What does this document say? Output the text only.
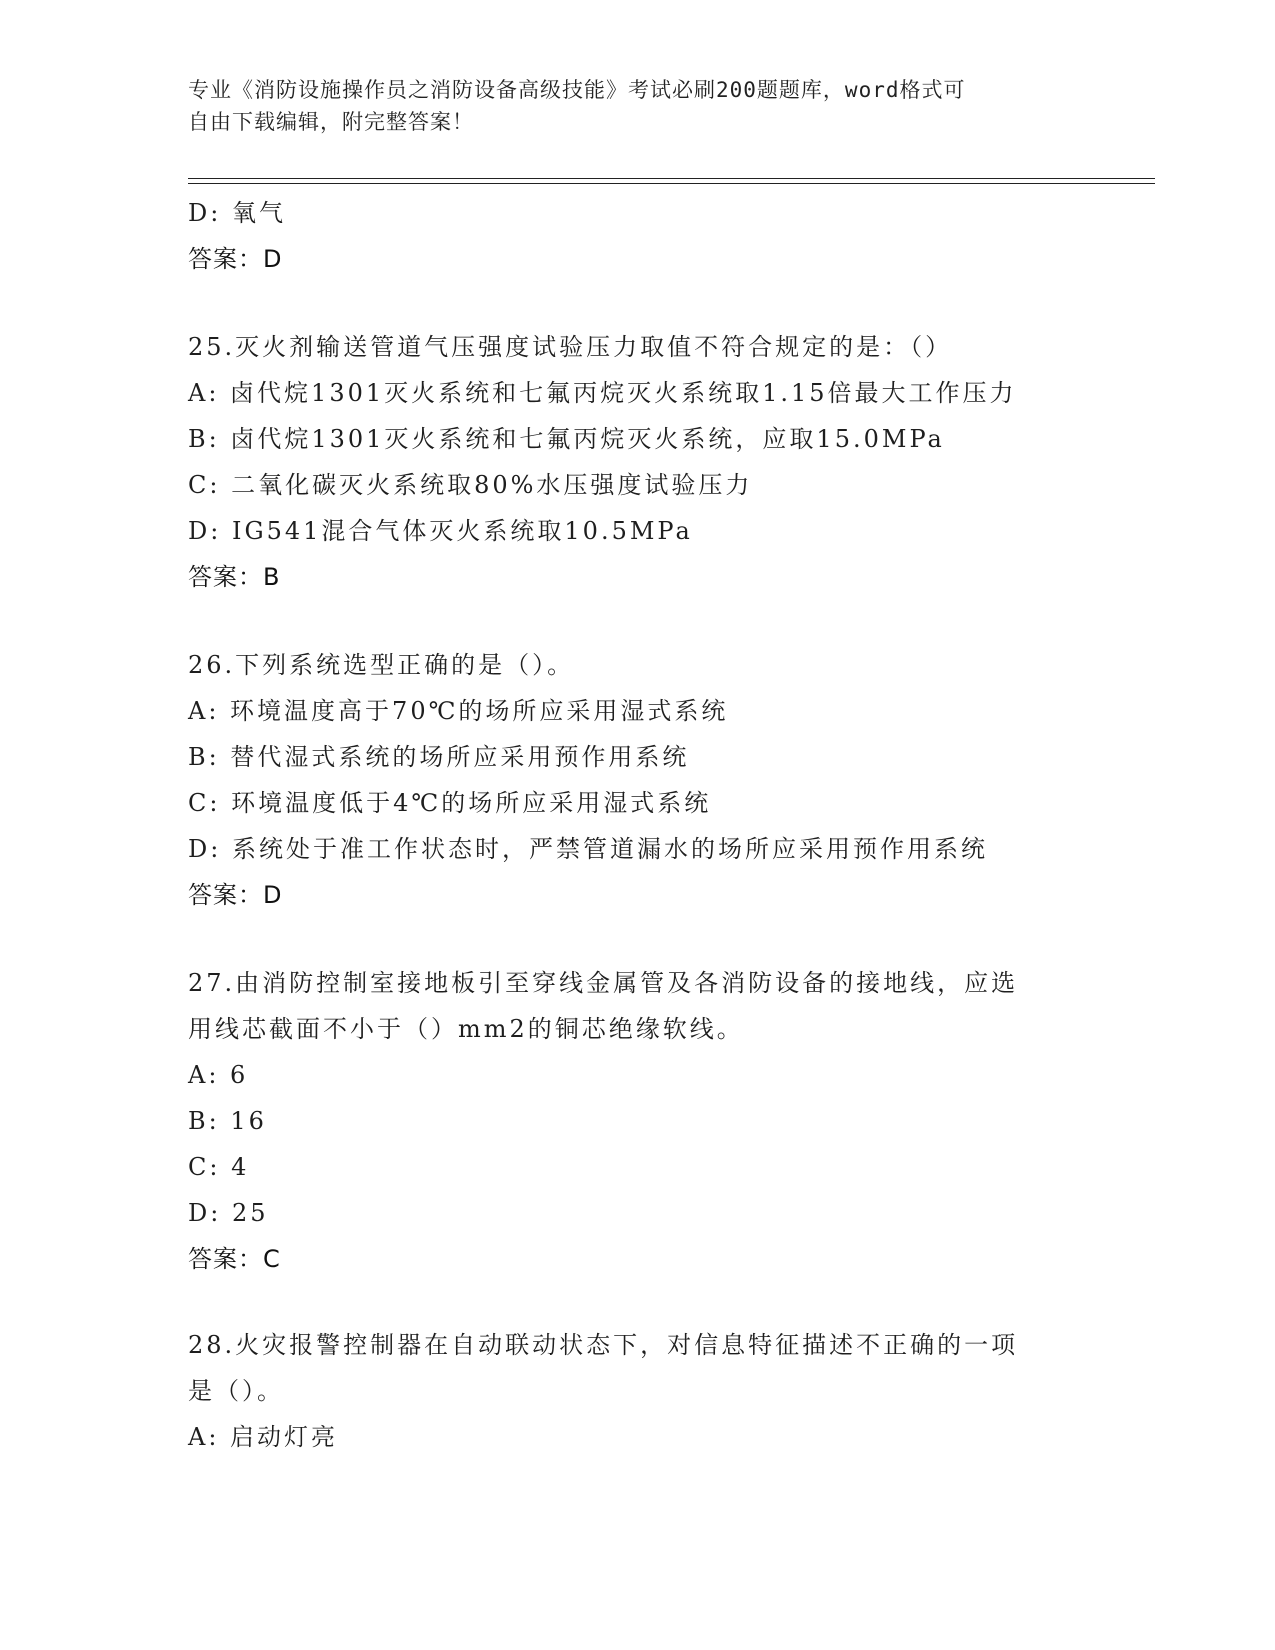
专业《消防设施操作员之消防设备高级技能》考试必刷200题题库，word格式可
自由下载编辑，附完整答案！
D: 氧气
答案：D
25.灭火剂输送管道气压强度试验压力取值不符合规定的是：（）
A: 卤代烷1301灭火系统和七氟丙烷灭火系统取1.15倍最大工作压力
B: 卤代烷1301灭火系统和七氟丙烷灭火系统，应取15.0MPa
C: 二氧化碳灭火系统取80%水压强度试验压力
D: IG541混合气体灭火系统取10.5MPa
答案：B
26.下列系统选型正确的是（）。
A: 环境温度高于70℃的场所应采用湿式系统
B: 替代湿式系统的场所应采用预作用系统
C: 环境温度低于4℃的场所应采用湿式系统
D: 系统处于准工作状态时，严禁管道漏水的场所应采用预作用系统
答案：D
27.由消防控制室接地板引至穿线金属管及各消防设备的接地线，应选
用线芯截面不小于（）mm2的铜芯绝缘软线。
A: 6
B: 16
C: 4
D: 25
答案：C
28.火灾报警控制器在自动联动状态下，对信息特征描述不正确的一项
是（）。
A: 启动灯亮
